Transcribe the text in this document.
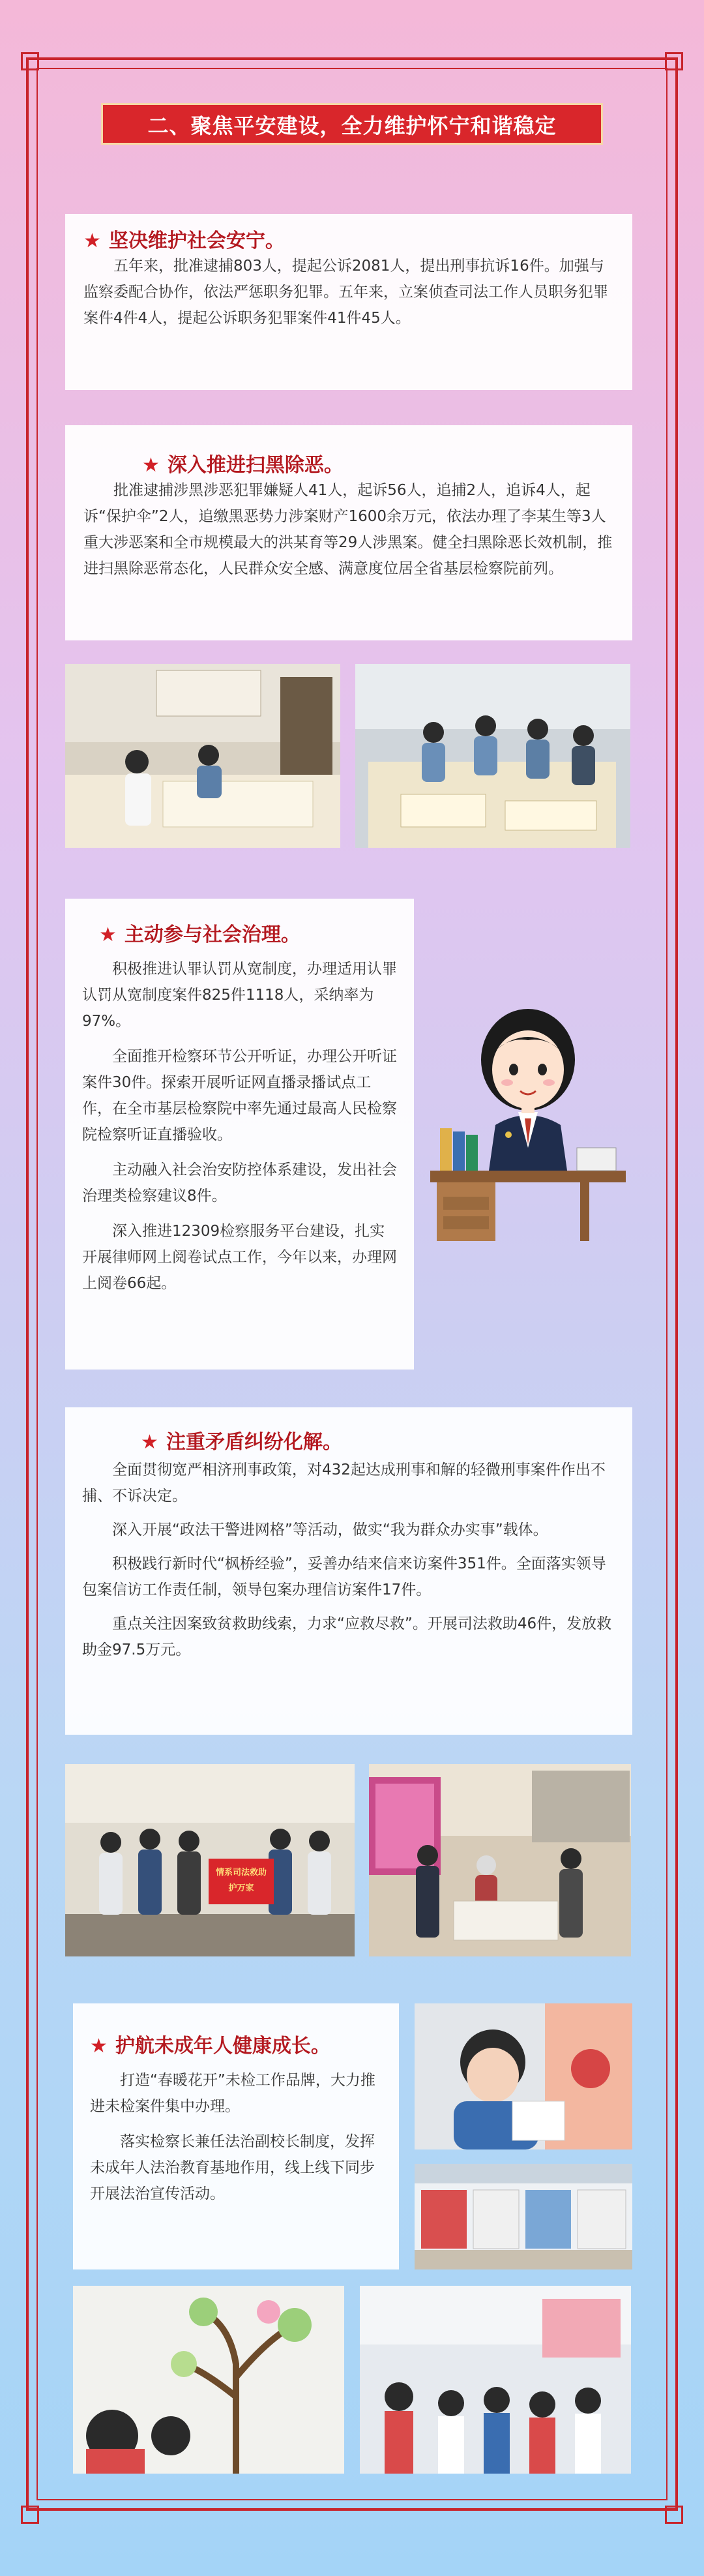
二、聚焦平安建设，全力维护怀宁和谐稳定
★ 坚决维护社会安宁。

五年来，批准逮捕803人，提起公诉2081人，提出刑事抗诉16件。加强与监察委配合协作，依法严惩职务犯罪。五年来，立案侦查司法工作人员职务犯罪案件4件4人，提起公诉职务犯罪案件41件45人。

★ 深入推进扫黑除恶。

批准逮捕涉黑涉恶犯罪嫌疑人41人，起诉56人，追捕2人，追诉4人，起诉“保护伞”2人，追缴黑恶势力涉案财产1600余万元，依法办理了李某生等3人重大涉恶案和全市规模最大的洪某育等29人涉黑案。健全扫黑除恶长效机制，推进扫黑除恶常态化，人民群众安全感、满意度位居全省基层检察院前列。

★ 主动参与社会治理。

积极推进认罪认罚从宽制度，办理适用认罪认罚从宽制度案件825件1118人，采纳率为97%。

全面推开检察环节公开听证，办理公开听证案件30件。探索开展听证网直播录播试点工作，在全市基层检察院中率先通过最高人民检察院检察听证直播验收。

主动融入社会治安防控体系建设，发出社会治理类检察建议8件。

深入推进12309检察服务平台建设，扎实开展律师网上阅卷试点工作，今年以来，办理网上阅卷66起。

★ 注重矛盾纠纷化解。

全面贯彻宽严相济刑事政策，对432起达成刑事和解的轻微刑事案件作出不捕、不诉决定。

深入开展“政法干警进网格”等活动，做实“我为群众办实事”载体。

积极践行新时代“枫桥经验”，妥善办结来信来访案件351件。全面落实领导包案信访工作责任制，领导包案办理信访案件17件。

重点关注因案致贫救助线索，力求“应救尽救”。开展司法救助46件，发放救助金97.5万元。

情系司法救助 护万家
★ 护航未成年人健康成长。

打造“春暖花开”未检工作品牌，大力推进未检案件集中办理。

落实检察长兼任法治副校长制度，发挥未成年人法治教育基地作用，线上线下同步开展法治宣传活动。
